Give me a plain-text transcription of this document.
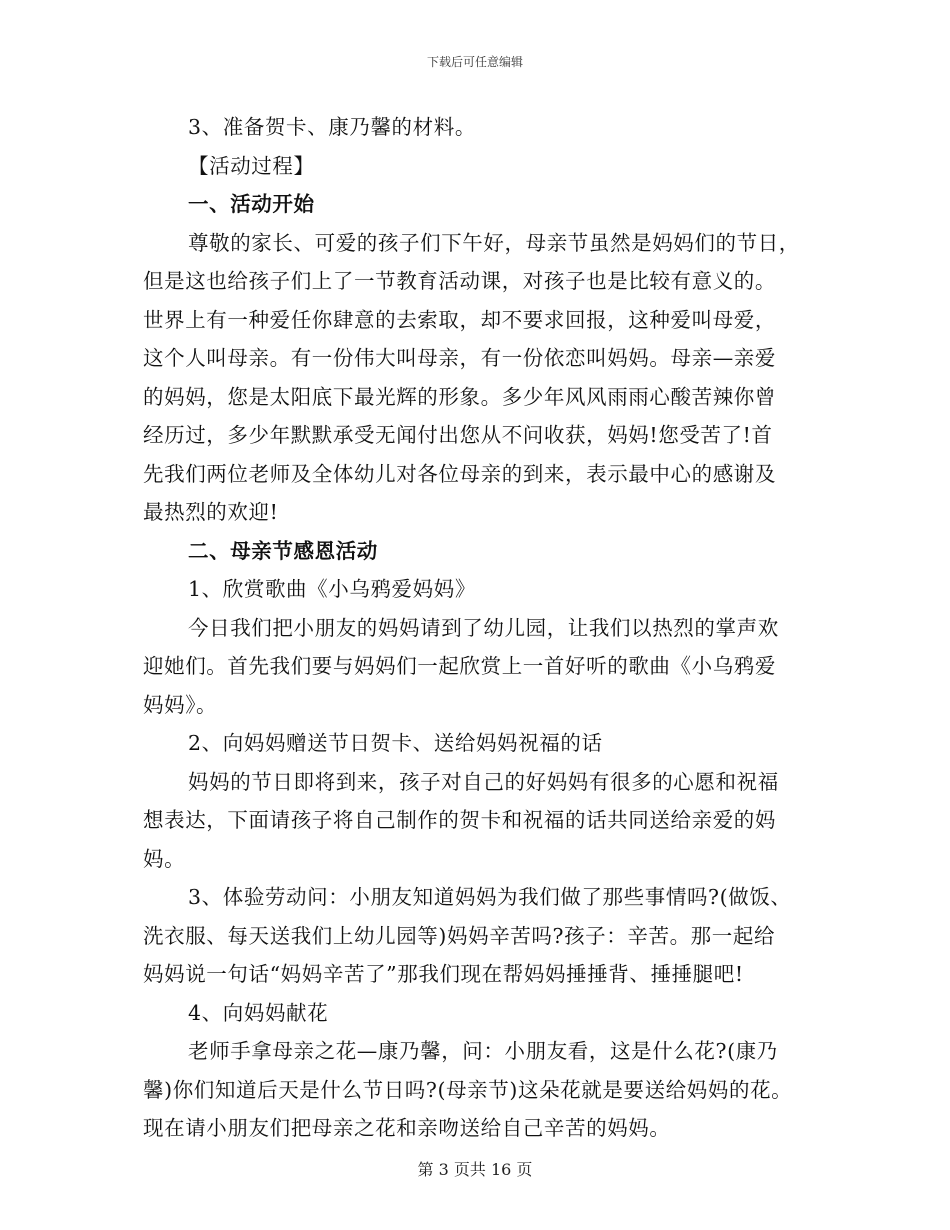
下载后可任意编辑
3、准备贺卡、康乃馨的材料。
【活动过程】
一、活动开始
尊敬的家长、可爱的孩子们下午好，母亲节虽然是妈妈们的节日，
但是这也给孩子们上了一节教育活动课，对孩子也是比较有意义的。
世界上有一种爱任你肆意的去索取，却不要求回报，这种爱叫母爱，
这个人叫母亲。有一份伟大叫母亲，有一份依恋叫妈妈。母亲—亲爱
的妈妈，您是太阳底下最光辉的形象。多少年风风雨雨心酸苦辣你曾
经历过，多少年默默承受无闻付出您从不问收获，妈妈!您受苦了!首
先我们两位老师及全体幼儿对各位母亲的到来，表示最中心的感谢及
最热烈的欢迎!
二、母亲节感恩活动
1、欣赏歌曲《小乌鸦爱妈妈》
今日我们把小朋友的妈妈请到了幼儿园，让我们以热烈的掌声欢
迎她们。首先我们要与妈妈们一起欣赏上一首好听的歌曲《小乌鸦爱
妈妈》。
2、向妈妈赠送节日贺卡、送给妈妈祝福的话
妈妈的节日即将到来，孩子对自己的好妈妈有很多的心愿和祝福
想表达，下面请孩子将自己制作的贺卡和祝福的话共同送给亲爱的妈
妈。
3、体验劳动问：小朋友知道妈妈为我们做了那些事情吗?(做饭、
洗衣服、每天送我们上幼儿园等)妈妈辛苦吗?孩子：辛苦。那一起给
妈妈说一句话“妈妈辛苦了”那我们现在帮妈妈捶捶背、捶捶腿吧!
4、向妈妈献花
老师手拿母亲之花—康乃馨，问：小朋友看，这是什么花?(康乃
馨)你们知道后天是什么节日吗?(母亲节)这朵花就是要送给妈妈的花。
现在请小朋友们把母亲之花和亲吻送给自己辛苦的妈妈。
第 3 页共 16 页
